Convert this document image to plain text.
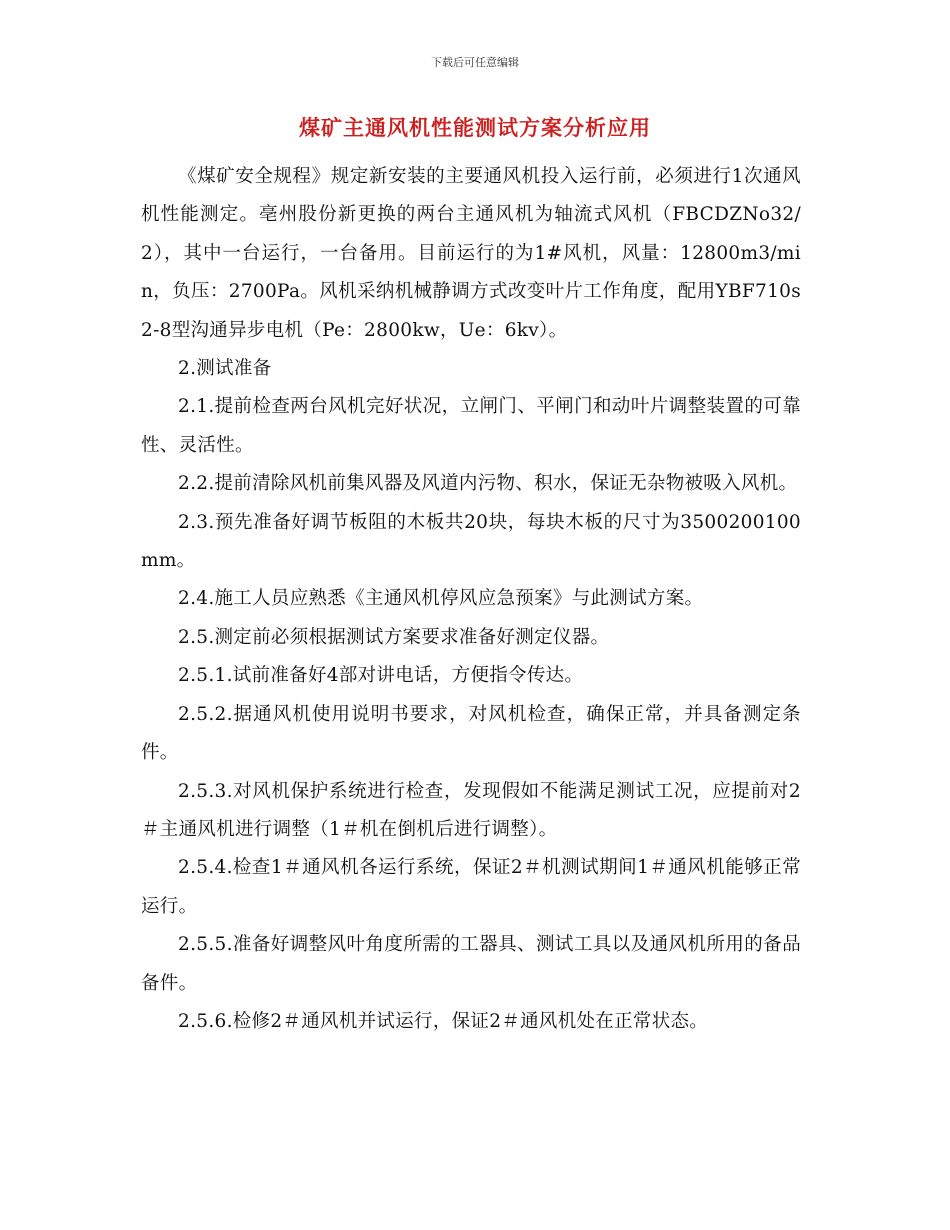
下载后可任意编辑
煤矿主通风机性能测试方案分析应用

《煤矿安全规程》规定新安装的主要通风机投入运行前，必须进行1次通风机性能测定。亳州股份新更换的两台主通风机为轴流式风机（FBCDZNo32/2），其中一台运行，一台备用。目前运行的为1#风机，风量：12800m3/min，负压：2700Pa。风机采纳机械静调方式改变叶片工作角度，配用YBF710s2-8型沟通异步电机（Pe：2800kw，Ue：6kv）。

2.测试准备

2.1.提前检查两台风机完好状况，立闸门、平闸门和动叶片调整装置的可靠性、灵活性。

2.2.提前清除风机前集风器及风道内污物、积水，保证无杂物被吸入风机。

2.3.预先准备好调节板阻的木板共20块，每块木板的尺寸为3500200100mm。

2.4.施工人员应熟悉《主通风机停风应急预案》与此测试方案。

2.5.测定前必须根据测试方案要求准备好测定仪器。

2.5.1.试前准备好4部对讲电话，方便指令传达。

2.5.2.据通风机使用说明书要求，对风机检查，确保正常，并具备测定条件。

2.5.3.对风机保护系统进行检查，发现假如不能满足测试工况，应提前对2＃主通风机进行调整（1＃机在倒机后进行调整）。

2.5.4.检查1＃通风机各运行系统，保证2＃机测试期间1＃通风机能够正常运行。

2.5.5.准备好调整风叶角度所需的工器具、测试工具以及通风机所用的备品备件。

2.5.6.检修2＃通风机并试运行，保证2＃通风机处在正常状态。
